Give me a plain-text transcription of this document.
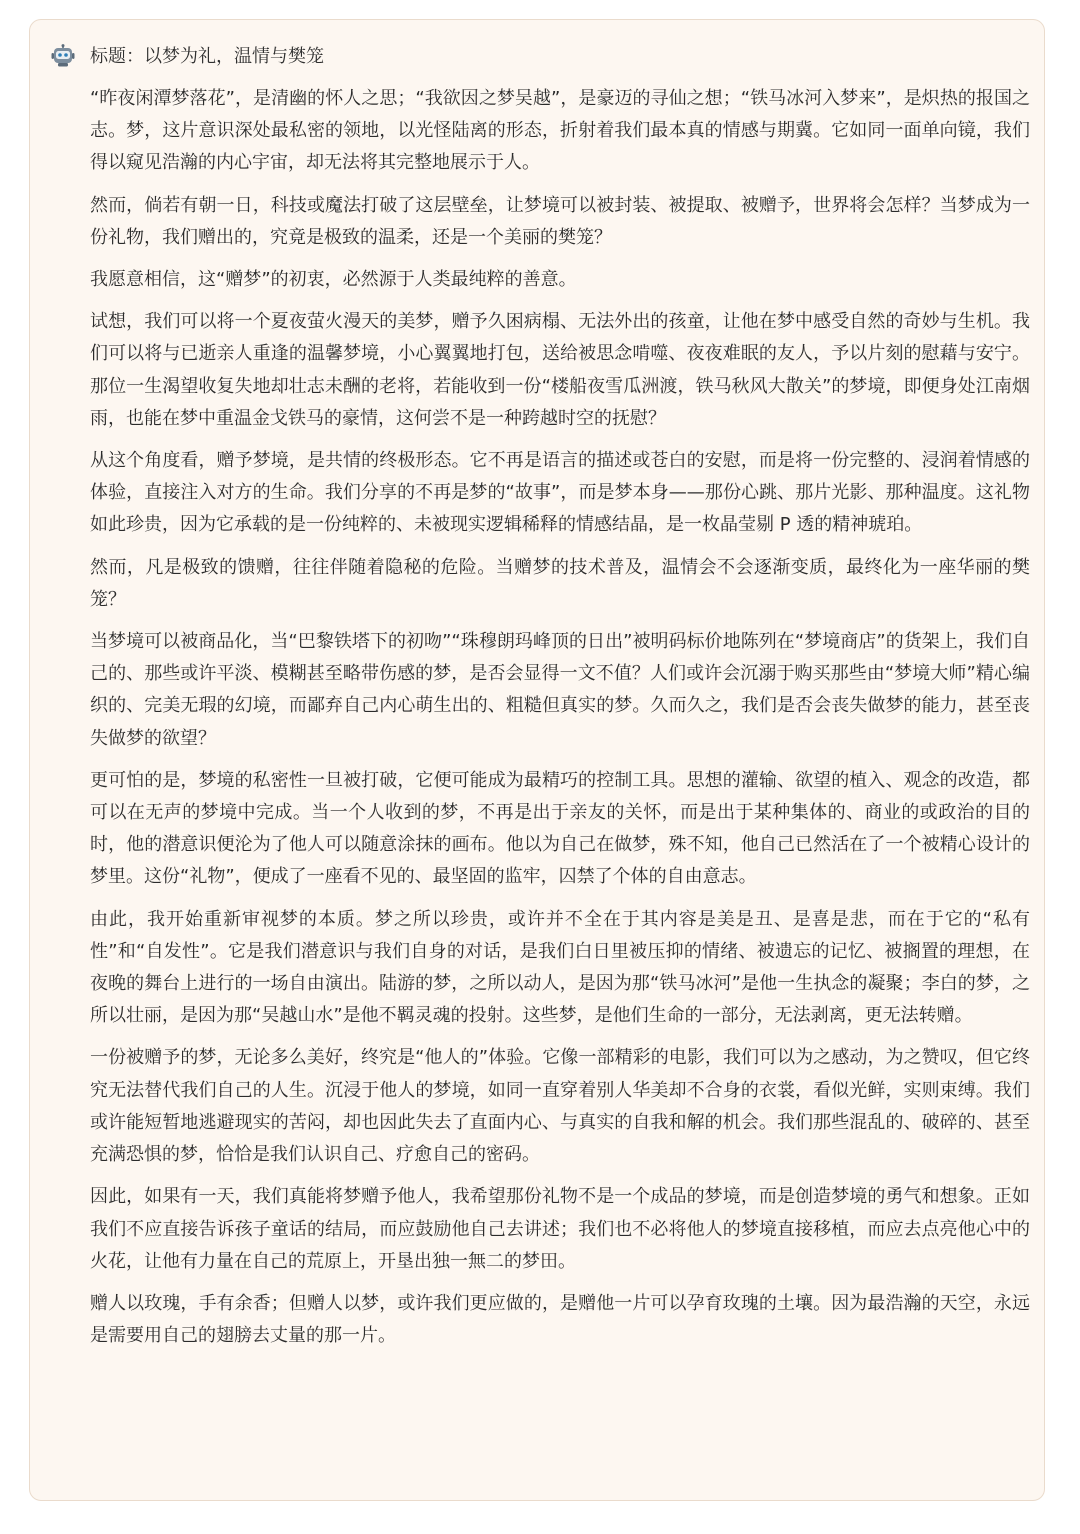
标题：以梦为礼，温情与樊笼

“昨夜闲潭梦落花”，是清幽的怀人之思；“我欲因之梦吴越”，是豪迈的寻仙之想；“铁马冰河入梦来”，是炽热的报国之志。梦，这片意识深处最私密的领地，以光怪陆离的形态，折射着我们最本真的情感与期冀。它如同一面单向镜，我们得以窥见浩瀚的内心宇宙，却无法将其完整地展示于人。

然而，倘若有朝一日，科技或魔法打破了这层壁垒，让梦境可以被封装、被提取、被赠予，世界将会怎样？当梦成为一份礼物，我们赠出的，究竟是极致的温柔，还是一个美丽的樊笼？

我愿意相信，这“赠梦”的初衷，必然源于人类最纯粹的善意。

试想，我们可以将一个夏夜萤火漫天的美梦，赠予久困病榻、无法外出的孩童，让他在梦中感受自然的奇妙与生机。我们可以将与已逝亲人重逢的温馨梦境，小心翼翼地打包，送给被思念啃噬、夜夜难眠的友人，予以片刻的慰藉与安宁。那位一生渴望收复失地却壮志未酬的老将，若能收到一份“楼船夜雪瓜洲渡，铁马秋风大散关”的梦境，即便身处江南烟雨，也能在梦中重温金戈铁马的豪情，这何尝不是一种跨越时空的抚慰？

从这个角度看，赠予梦境，是共情的终极形态。它不再是语言的描述或苍白的安慰，而是将一份完整的、浸润着情感的体验，直接注入对方的生命。我们分享的不再是梦的“故事”，而是梦本身——那份心跳、那片光影、那种温度。这礼物如此珍贵，因为它承载的是一份纯粹的、未被现实逻辑稀释的情感结晶，是一枚晶莹剔 P 透的精神琥珀。

然而，凡是极致的馈赠，往往伴随着隐秘的危险。当赠梦的技术普及，温情会不会逐渐变质，最终化为一座华丽的樊笼？

当梦境可以被商品化，当“巴黎铁塔下的初吻”“珠穆朗玛峰顶的日出”被明码标价地陈列在“梦境商店”的货架上，我们自己的、那些或许平淡、模糊甚至略带伤感的梦，是否会显得一文不值？人们或许会沉溺于购买那些由“梦境大师”精心编织的、完美无瑕的幻境，而鄙弃自己内心萌生出的、粗糙但真实的梦。久而久之，我们是否会丧失做梦的能力，甚至丧失做梦的欲望？

更可怕的是，梦境的私密性一旦被打破，它便可能成为最精巧的控制工具。思想的灌输、欲望的植入、观念的改造，都可以在无声的梦境中完成。当一个人收到的梦，不再是出于亲友的关怀，而是出于某种集体的、商业的或政治的目的时，他的潜意识便沦为了他人可以随意涂抹的画布。他以为自己在做梦，殊不知，他自己已然活在了一个被精心设计的梦里。这份“礼物”，便成了一座看不见的、最坚固的监牢，囚禁了个体的自由意志。

由此，我开始重新审视梦的本质。梦之所以珍贵，或许并不全在于其内容是美是丑、是喜是悲，而在于它的“私有性”和“自发性”。它是我们潜意识与我们自身的对话，是我们白日里被压抑的情绪、被遗忘的记忆、被搁置的理想，在夜晚的舞台上进行的一场自由演出。陆游的梦，之所以动人，是因为那“铁马冰河”是他一生执念的凝聚；李白的梦，之所以壮丽，是因为那“吴越山水”是他不羁灵魂的投射。这些梦，是他们生命的一部分，无法剥离，更无法转赠。

一份被赠予的梦，无论多么美好，终究是“他人的”体验。它像一部精彩的电影，我们可以为之感动，为之赞叹，但它终究无法替代我们自己的人生。沉浸于他人的梦境，如同一直穿着别人华美却不合身的衣裳，看似光鲜，实则束缚。我们或许能短暂地逃避现实的苦闷，却也因此失去了直面内心、与真实的自我和解的机会。我们那些混乱的、破碎的、甚至充满恐惧的梦，恰恰是我们认识自己、疗愈自己的密码。

因此，如果有一天，我们真能将梦赠予他人，我希望那份礼物不是一个成品的梦境，而是创造梦境的勇气和想象。正如我们不应直接告诉孩子童话的结局，而应鼓励他自己去讲述；我们也不必将他人的梦境直接移植，而应去点亮他心中的火花，让他有力量在自己的荒原上，开垦出独一無二的梦田。

赠人以玫瑰，手有余香；但赠人以梦，或许我们更应做的，是赠他一片可以孕育玫瑰的土壤。因为最浩瀚的天空，永远是需要用自己的翅膀去丈量的那一片。
